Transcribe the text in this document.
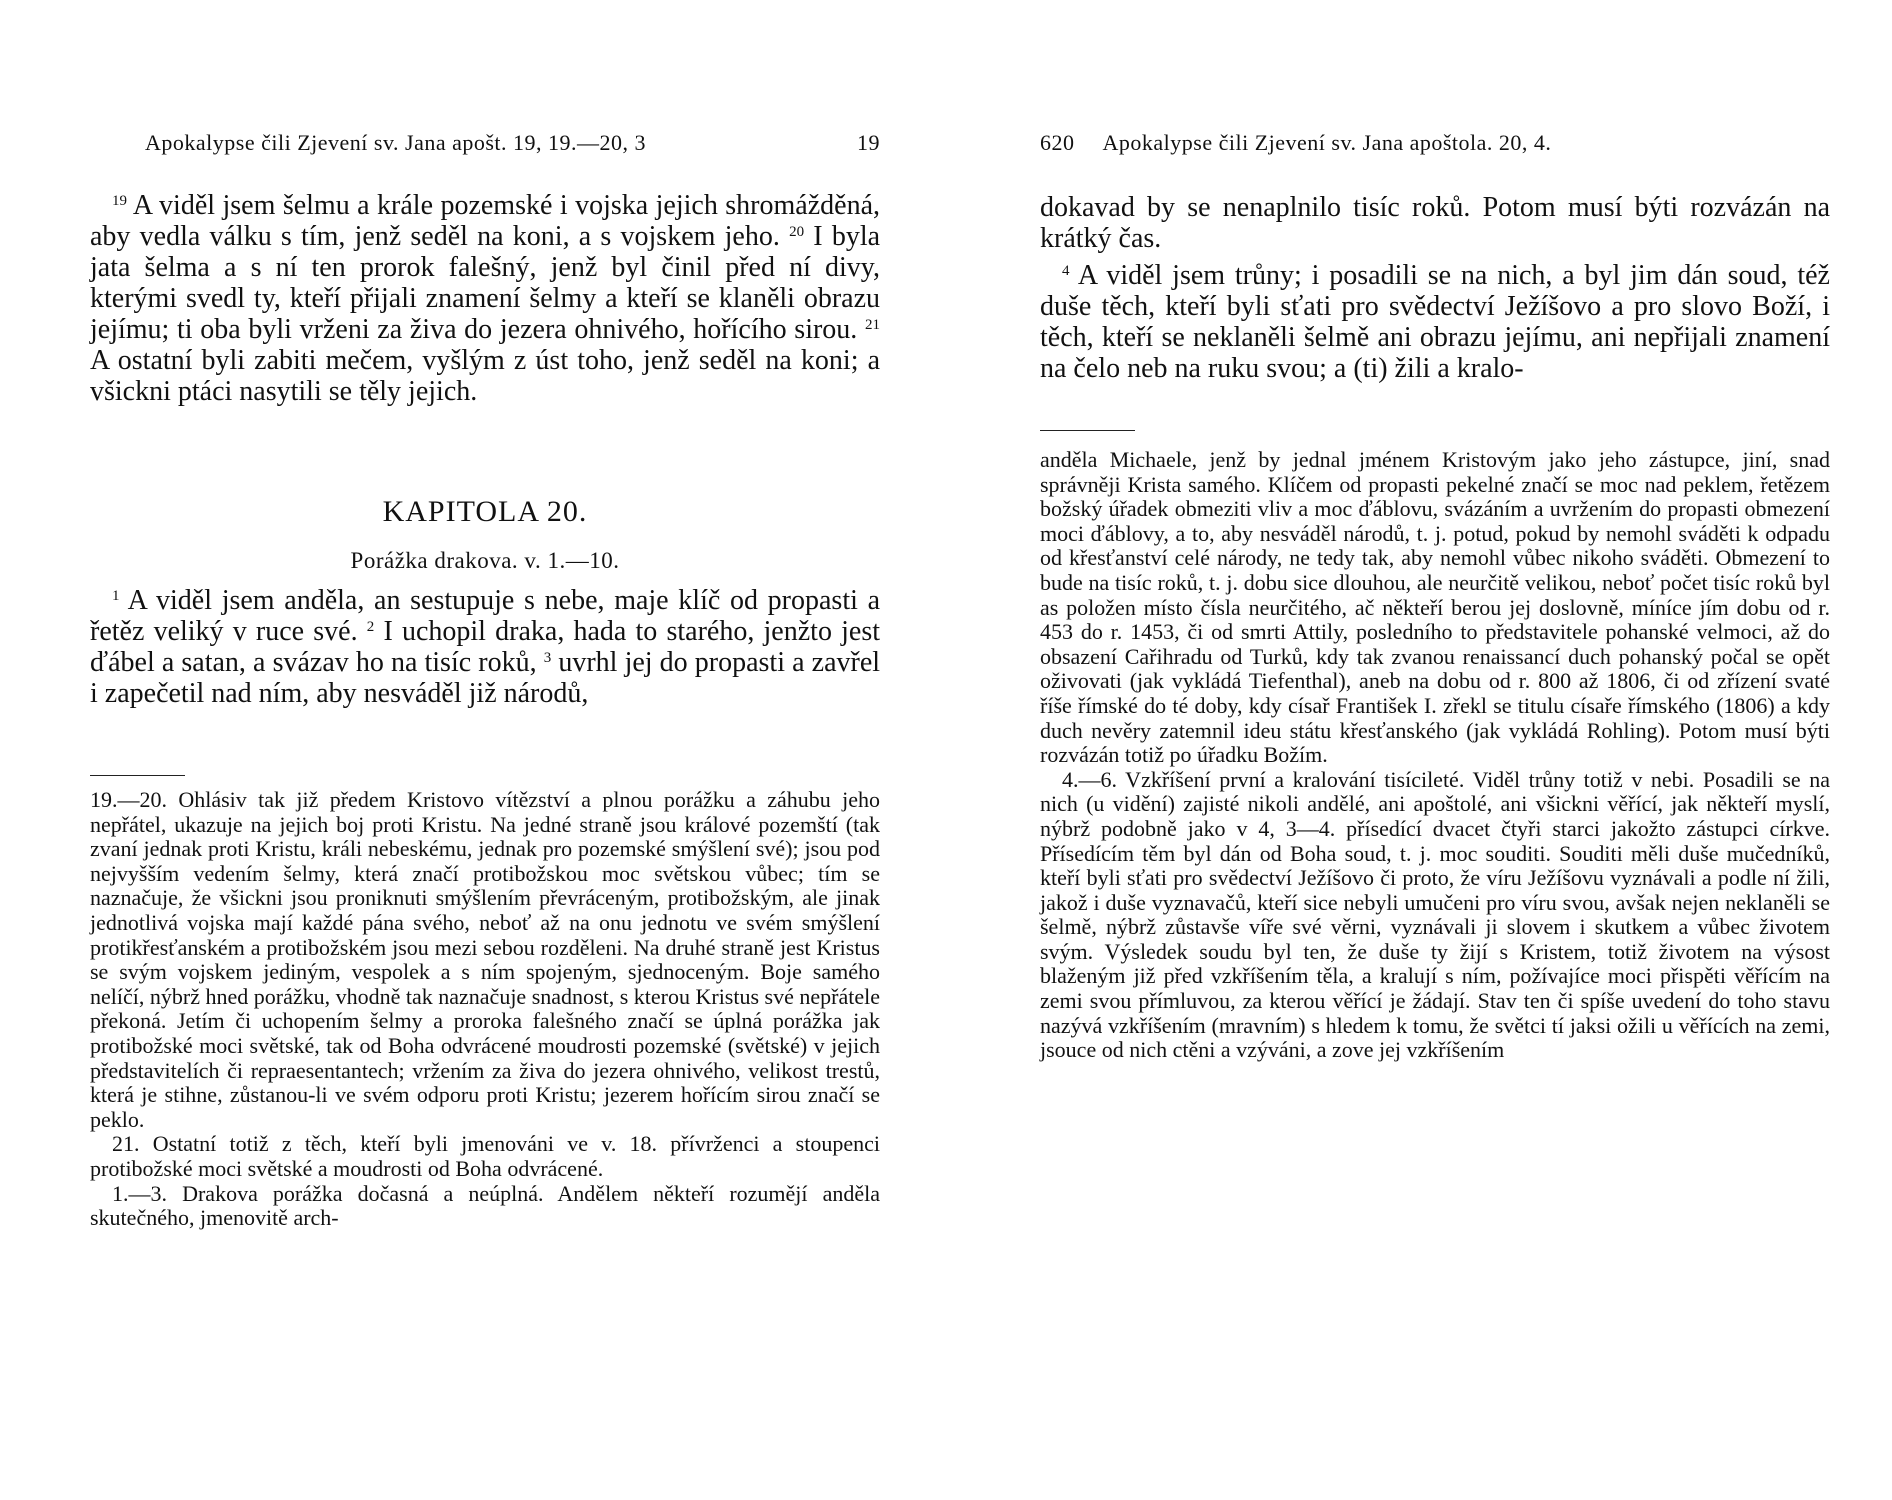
Apokalypse čili Zjevení sv. Jana apošt. 19, 19.—20, 3	19

$^{19}$ A viděl jsem šelmu a krále pozemské i vojska jejich shromážděná, aby vedla válku s tím, jenž seděl na koni, a s vojskem jeho. $^{20}$ I byla jata šelma a s ní ten prorok falešný, jenž byl činil před ní divy, kterými svedl ty, kteří přijali znamení šelmy a kteří se klaněli obrazu jejímu; ti oba byli vrženi za živa do jezera ohnivého, hořícího sirou. $^{21}$ A ostatní byli zabiti mečem, vyšlým z úst toho, jenž seděl na koni; a všickni ptáci nasytili se těly jejich.

KAPITOLA 20.
Porážka drakova. v. 1.—10.

$^1$ A viděl jsem anděla, an sestupuje s nebe, maje klíč od propasti a řetěz veliký v ruce své. $^2$ I uchopil draka, hada to starého, jenžto jest ďábel a satan, a svázav ho na tisíc roků, $^3$ uvrhl jej do propasti a zavřel i zapečetil nad ním, aby nesváděl již národů,

19.—20. Ohlásiv tak již předem Kristovo vítězství a plnou porážku a záhubu jeho nepřátel, ukazuje na jejich boj proti Kristu. Na jedné straně jsou králové pozemští (tak zvaní jednak proti Kristu, králi nebeskému, jednak pro pozemské smýšlení své); jsou pod nejvyšším vedením šelmy, která značí protibožskou moc světskou vůbec; tím se naznačuje, že všickni jsou proniknuti smýšlením převráceným, protibožským, ale jinak jednotlivá vojska mají každé pána svého, neboť až na onu jednotu ve svém smýšlení protikřesťanském a protibožském jsou mezi sebou rozděleni. Na druhé straně jest Kristus se svým vojskem jediným, vespolek a s ním spojeným, sjednoceným. Boje samého nelíčí, nýbrž hned porážku, vhodně tak naznačuje snadnost, s kterou Kristus své nepřátele překoná. Jetím či uchopením šelmy a proroka falešného značí se úplná porážka jak protibožské moci světské, tak od Boha odvrácené moudrosti pozemské (světské) v jejich představitelích či repraesentantech; vržením za živa do jezera ohnivého, velikost trestů, která je stihne, zůstanou-li ve svém odporu proti Kristu; jezerem hořícím sirou značí se peklo.

21. Ostatní totiž z těch, kteří byli jmenováni ve v. 18. přívrženci a stoupenci protibožské moci světské a moudrosti od Boha odvrácené.

1.—3. Drakova porážka dočasná a neúplná. Andělem někteří rozumějí anděla skutečného, jmenovitě arch-

620 Apokalypse čili Zjevení sv. Jana apoštola. 20, 4.

dokavad by se nenaplnilo tisíc roků. Potom musí býti rozvázán na krátký čas.

$^4$ A viděl jsem trůny; i posadili se na nich, a byl jim dán soud, též duše těch, kteří byli sťati pro svědectví Ježíšovo a pro slovo Boží, i těch, kteří se neklaněli šelmě ani obrazu jejímu, ani nepřijali znamení na čelo neb na ruku svou; a (ti) žili a kralo-

anděla Michaele, jenž by jednal jménem Kristovým jako jeho zástupce, jiní, snad správněji Krista samého. Klíčem od propasti pekelné značí se moc nad peklem, řetězem božský úřadek obmeziti vliv a moc ďáblovu, svázáním a uvržením do propasti obmezení moci ďáblovy, a to, aby nesváděl národů, t. j. potud, pokud by nemohl sváděti k odpadu od křesťanství celé národy, ne tedy tak, aby nemohl vůbec nikoho sváděti. Obmezení to bude na tisíc roků, t. j. dobu sice dlouhou, ale neurčitě velikou, neboť počet tisíc roků byl as položen místo čísla neurčitého, ač někteří berou jej doslovně, míníce jím dobu od r. 453 do r. 1453, či od smrti Attily, posledního to představitele pohanské velmoci, až do obsazení Cařihradu od Turků, kdy tak zvanou renaissancí duch pohanský počal se opět oživovati (jak vykládá Tiefenthal), aneb na dobu od r. 800 až 1806, či od zřízení svaté říše římské do té doby, kdy císař František I. zřekl se titulu císaře římského (1806) a kdy duch nevěry zatemnil ideu státu křesťanského (jak vykládá Rohling). Potom musí býti rozvázán totiž po úřadku Božím.

4.—6. Vzkříšení první a kralování tisícileté. Viděl trůny totiž v nebi. Posadili se na nich (u vidění) zajisté nikoli andělé, ani apoštolé, ani všickni věřící, jak někteří myslí, nýbrž podobně jako v 4, 3—4. přísedící dvacet čtyři starci jakožto zástupci církve. Přísedícím těm byl dán od Boha soud, t. j. moc souditi. Souditi měli duše mučedníků, kteří byli sťati pro svědectví Ježíšovo či proto, že víru Ježíšovu vyznávali a podle ní žili, jakož i duše vyznavačů, kteří sice nebyli umučeni pro víru svou, avšak nejen neklaněli se šelmě, nýbrž zůstavše víře své věrni, vyznávali ji slovem i skutkem a vůbec životem svým. Výsledek soudu byl ten, že duše ty žijí s Kristem, totiž životem na výsost blaženým již před vzkříšením těla, a kralují s ním, požívajíce moci přispěti věřícím na zemi svou přímluvou, za kterou věřící je žádají. Stav ten či spíše uvedení do toho stavu nazývá vzkříšením (mravním) s hledem k tomu, že světci tí jaksi ožili u věřících na zemi, jsouce od nich ctěni a vzýváni, a zove jej vzkříšením
